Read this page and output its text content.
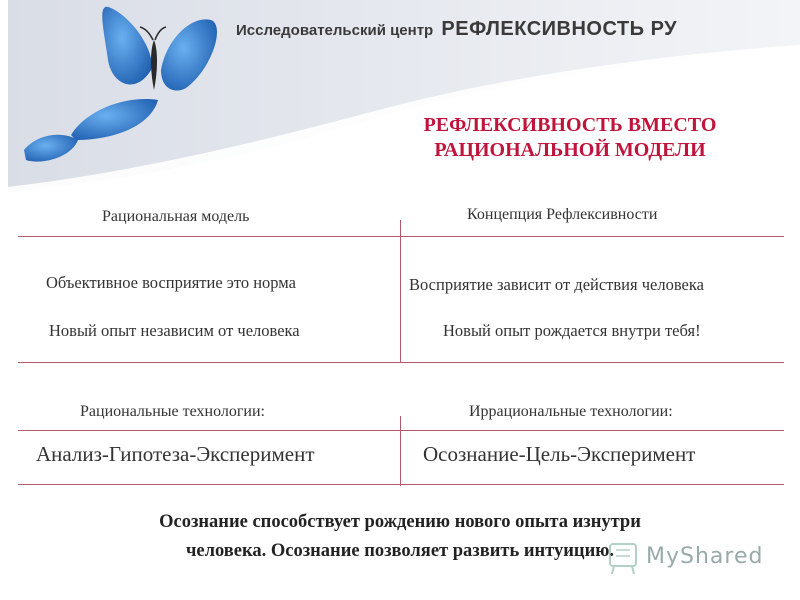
Исследовательский центр РЕФЛЕКСИВНОСТЬ РУ
РЕФЛЕКСИВНОСТЬ ВМЕСТО
РАЦИОНАЛЬНОЙ МОДЕЛИ
Рациональная модель	Концепция Рефлексивности
Объективное восприятие это норма	Восприятие зависит от действия человека
Новый опыт независим от человека	Новый опыт рождается внутри тебя!
Рациональные технологии:	Иррациональные технологии:
Анализ-Гипотеза-Эксперимент	Осознание-Цель-Эксперимент
Осознание способствует рождению нового опыта изнутри
человека. Осознание позволяет развить интуицию.	MyShared
